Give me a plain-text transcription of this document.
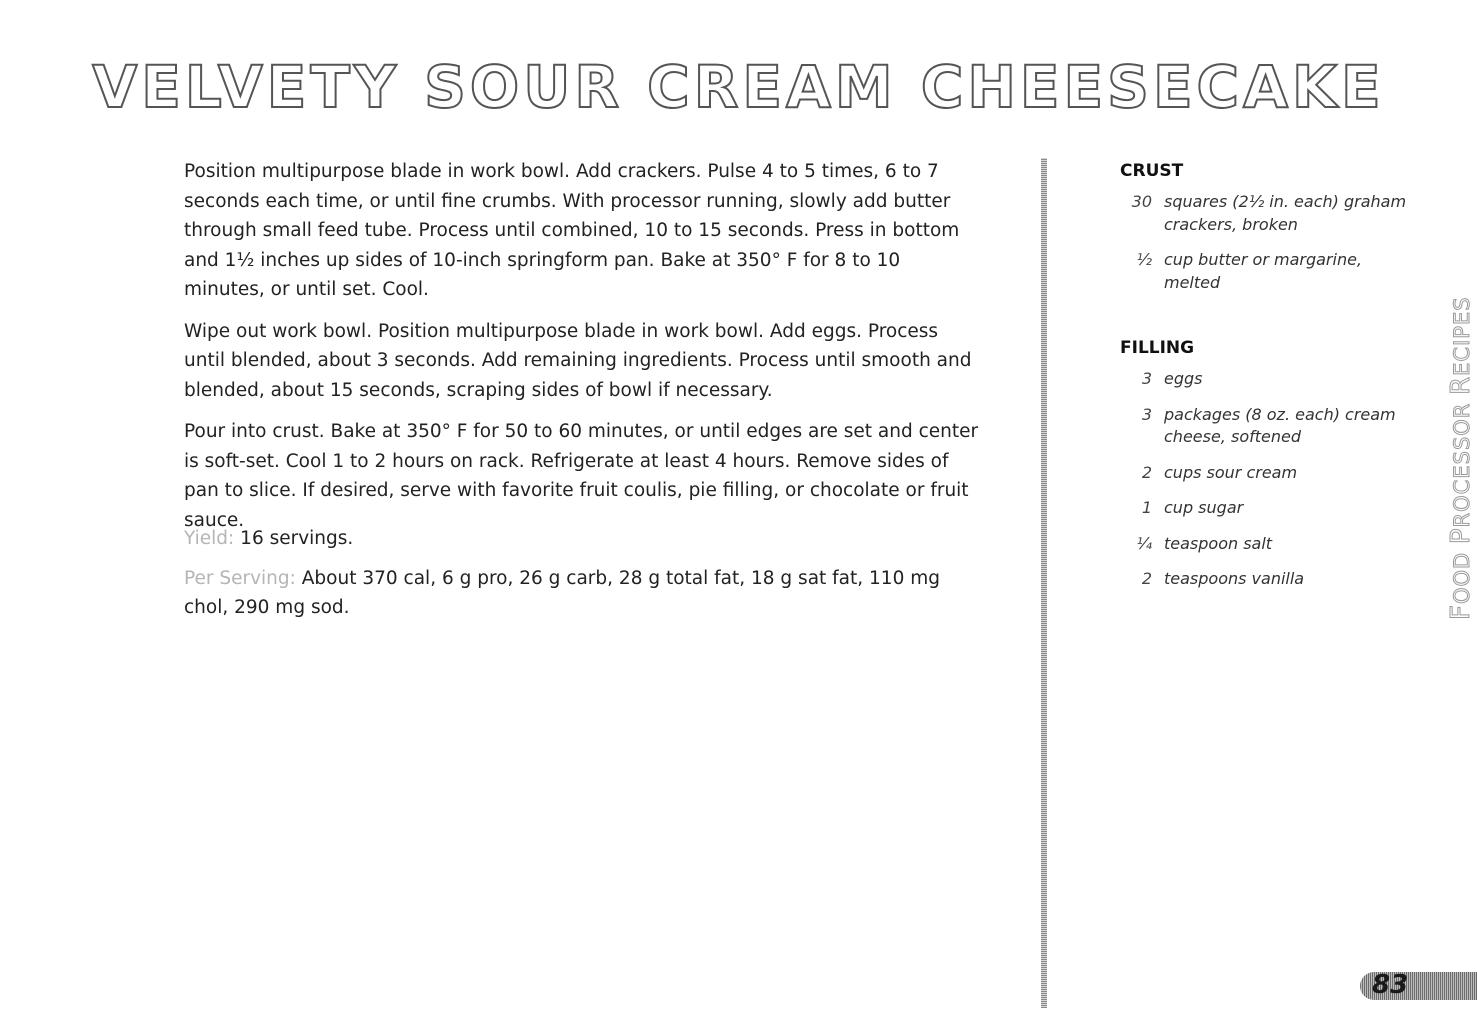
VELVETY SOUR CREAM CHEESECAKE

Position multipurpose blade in work bowl. Add crackers. Pulse 4 to 5 times, 6 to 7 seconds each time, or until fine crumbs. With processor running, slowly add butter through small feed tube. Process until combined, 10 to 15 seconds. Press in bottom and 1½ inches up sides of 10-inch springform pan. Bake at 350° F for 8 to 10 minutes, or until set. Cool.

Wipe out work bowl. Position multipurpose blade in work bowl. Add eggs. Process until blended, about 3 seconds. Add remaining ingredients. Process until smooth and blended, about 15 seconds, scraping sides of bowl if necessary.

Pour into crust. Bake at 350° F for 50 to 60 minutes, or until edges are set and center is soft-set. Cool 1 to 2 hours on rack. Refrigerate at least 4 hours. Remove sides of pan to slice. If desired, serve with favorite fruit coulis, pie filling, or chocolate or fruit sauce.

Yield: 16 servings.

Per Serving: About 370 cal, 6 g pro, 26 g carb, 28 g total fat, 18 g sat fat, 110 mg chol, 290 mg sod.

CRUST
30 squares (2½ in. each) graham crackers, broken
½ cup butter or margarine, melted
FILLING
3 eggs
3 packages (8 oz. each) cream cheese, softened
2 cups sour cream
1 cup sugar
¼ teaspoon salt
2 teaspoons vanilla
FOOD PROCESSOR RECIPES
83
